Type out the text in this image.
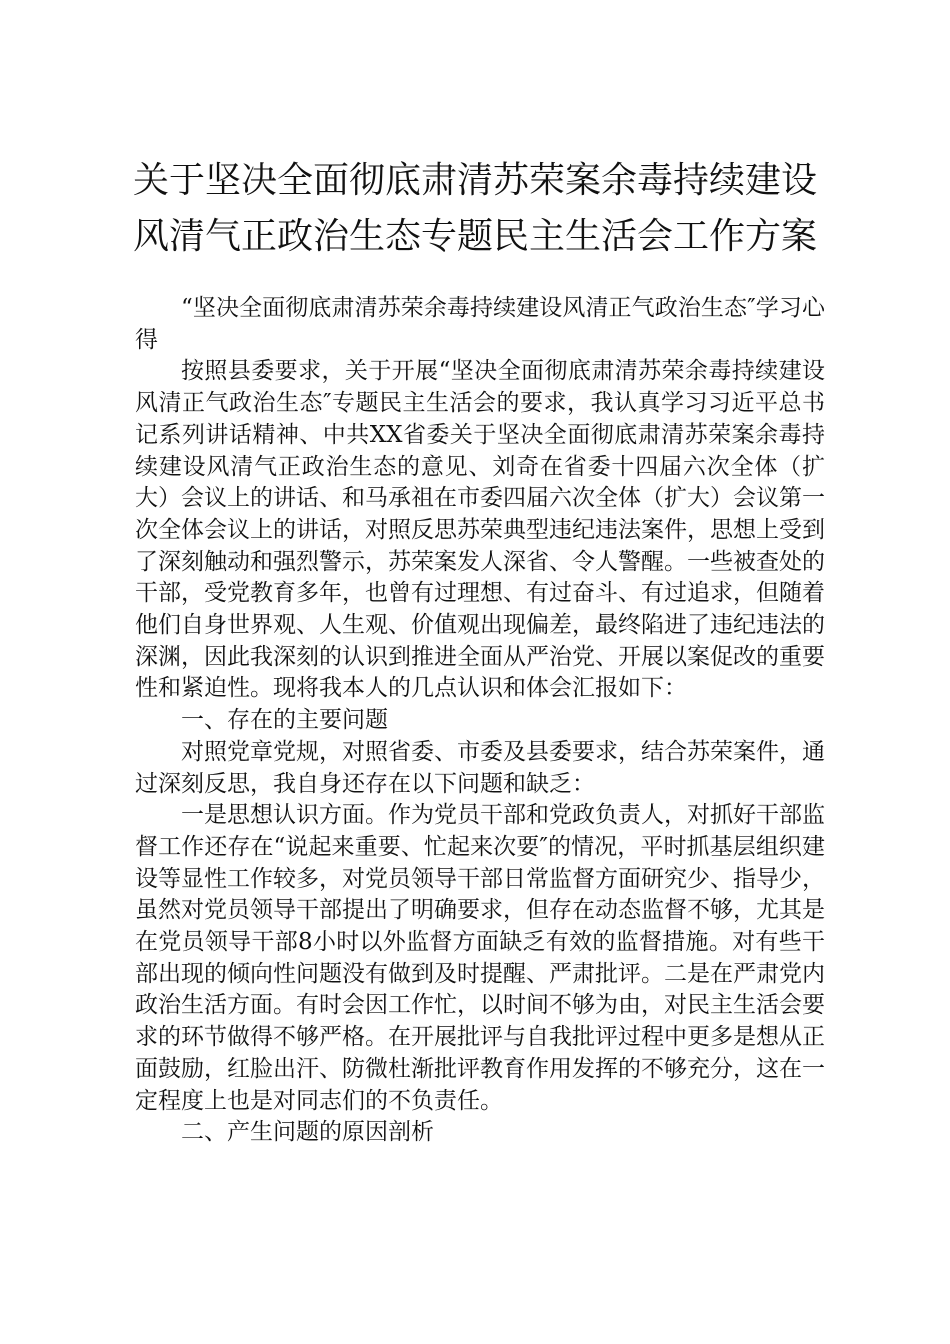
关于坚决全面彻底肃清苏荣案余毒持续建设
风清气正政治生态专题民主生活会工作方案

“坚决全面彻底肃清苏荣余毒持续建设风清正气政治生态″学习心得

按照县委要求，关于开展“坚决全面彻底肃清苏荣余毒持续建设风清正气政治生态″专题民主生活会的要求，我认真学习习近平总书记系列讲话精神、中共XX省委关于坚决全面彻底肃清苏荣案余毒持续建设风清气正政治生态的意见、刘奇在省委十四届六次全体（扩大）会议上的讲话、和马承祖在市委四届六次全体（扩大）会议第一次全体会议上的讲话，对照反思苏荣典型违纪违法案件，思想上受到了深刻触动和强烈警示，苏荣案发人深省、令人警醒。一些被查处的干部，受党教育多年，也曾有过理想、有过奋斗、有过追求，但随着他们自身世界观、人生观、价值观出现偏差，最终陷进了违纪违法的深渊，因此我深刻的认识到推进全面从严治党、开展以案促改的重要性和紧迫性。现将我本人的几点认识和体会汇报如下：

一、存在的主要问题

对照党章党规，对照省委、市委及县委要求，结合苏荣案件，通过深刻反思，我自身还存在以下问题和缺乏：

一是思想认识方面。作为党员干部和党政负责人，对抓好干部监督工作还存在“说起来重要、忙起来次要″的情况，平时抓基层组织建设等显性工作较多，对党员领导干部日常监督方面研究少、指导少，虽然对党员领导干部提出了明确要求，但存在动态监督不够，尤其是在党员领导干部8小时以外监督方面缺乏有效的监督措施。对有些干部出现的倾向性问题没有做到及时提醒、严肃批评。二是在严肃党内政治生活方面。有时会因工作忙，以时间不够为由，对民主生活会要求的环节做得不够严格。在开展批评与自我批评过程中更多是想从正面鼓励，红脸出汗、防微杜渐批评教育作用发挥的不够充分，这在一定程度上也是对同志们的不负责任。

二、产生问题的原因剖析
